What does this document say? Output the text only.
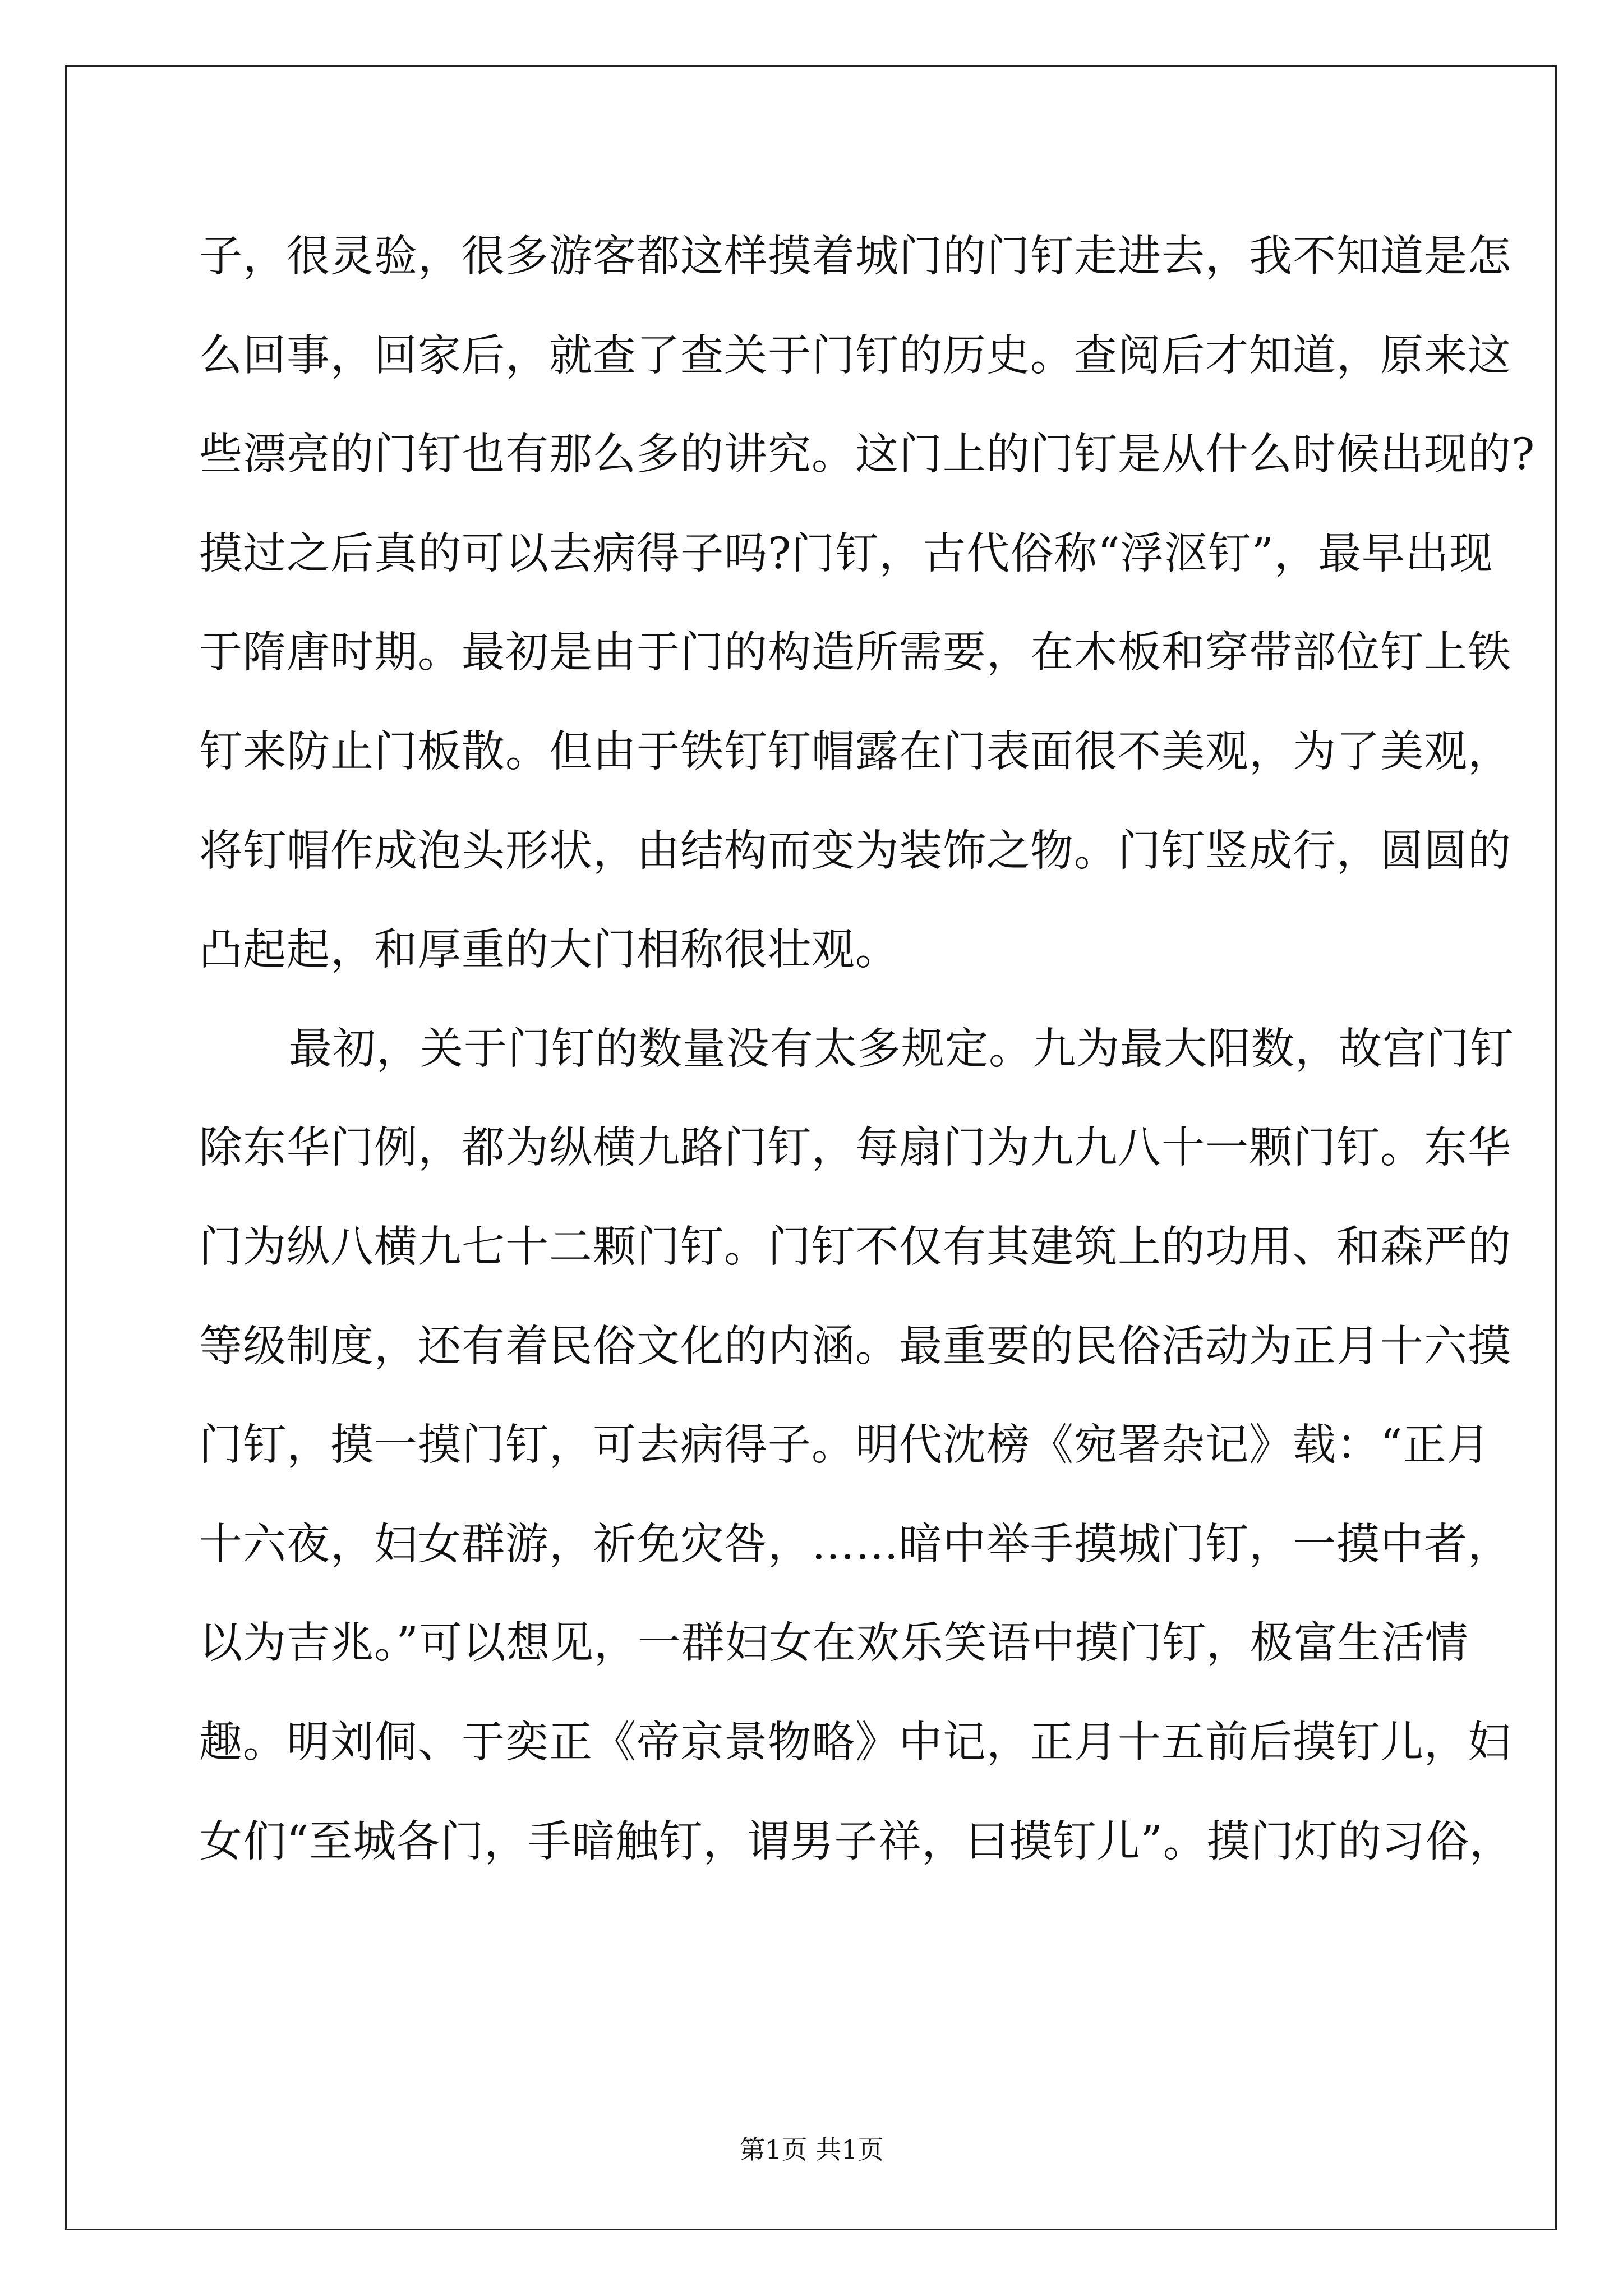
子，很灵验，很多游客都这样摸着城门的门钉走进去，我不知道是怎
么回事，回家后，就查了查关于门钉的历史。查阅后才知道，原来这
些漂亮的门钉也有那么多的讲究。这门上的门钉是从什么时候出现的?
摸过之后真的可以去病得子吗?门钉，古代俗称“浮沤钉”，最早出现
于隋唐时期。最初是由于门的构造所需要，在木板和穿带部位钉上铁
钉来防止门板散。但由于铁钉钉帽露在门表面很不美观，为了美观，
将钉帽作成泡头形状，由结构而变为装饰之物。门钉竖成行，圆圆的
凸起起，和厚重的大门相称很壮观。
最初，关于门钉的数量没有太多规定。九为最大阳数，故宫门钉
除东华门例，都为纵横九路门钉，每扇门为九九八十一颗门钉。东华
门为纵八横九七十二颗门钉。门钉不仅有其建筑上的功用、和森严的
等级制度，还有着民俗文化的内涵。最重要的民俗活动为正月十六摸
门钉，摸一摸门钉，可去病得子。明代沈榜《宛署杂记》载：“正月
十六夜，妇女群游，祈免灾咎，……暗中举手摸城门钉，一摸中者，
以为吉兆。”可以想见，一群妇女在欢乐笑语中摸门钉，极富生活情
趣。明刘侗、于奕正《帝京景物略》中记，正月十五前后摸钉儿，妇
女们“至城各门，手暗触钉，谓男子祥，曰摸钉儿”。摸门灯的习俗，
第1页 共1页
